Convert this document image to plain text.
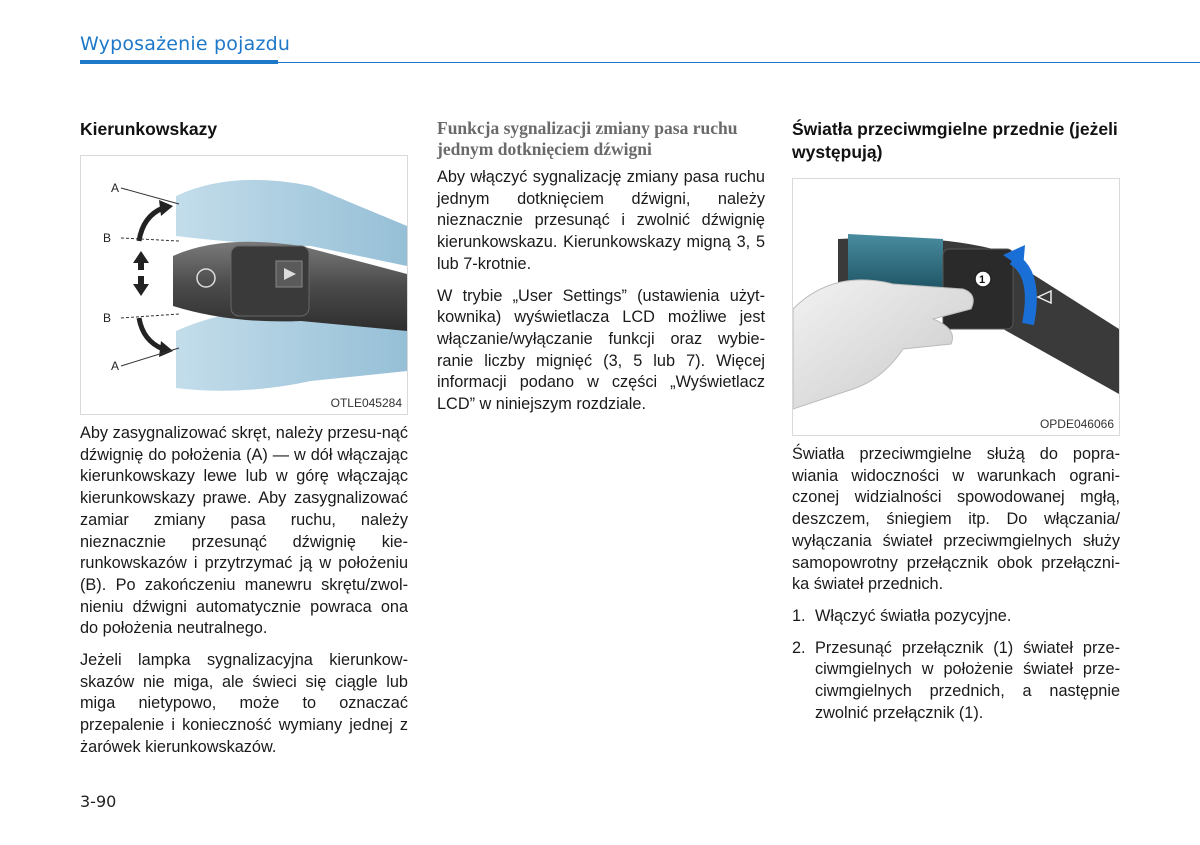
Wyposażenie pojazdu
Kierunkowskazy
A
B
B
A
OTLE045284

Aby zasygnalizować skręt, należy przesu-nąć dźwignię do położenia (A) — w dół włączając kierunkowskazy lewe lub w górę włączając kierunkowskazy prawe. Aby zasygnalizować zamiar zmiany pasa ruchu, należy nieznacznie przesunąć dźwignię kie-runkowskazów i przytrzymać ją w położeniu (B). Po zakończeniu manewru skrętu/zwol-nieniu dźwigni automatycznie powraca ona do położenia neutralnego.

Jeżeli lampka sygnalizacyjna kierunkow-skazów nie miga, ale świeci się ciągle lub miga nietypowo, może to oznaczać przepalenie i konieczność wymiany jednej z żarówek kierunkowskazów.

Funkcja sygnalizacji zmiany pasa ruchu jednym dotknięciem dźwigni

Aby włączyć sygnalizację zmiany pasa ruchu jednym dotknięciem dźwigni, należy nieznacznie przesunąć i zwolnić dźwignię kierunkowskazu. Kierunkowskazy migną 3, 5 lub 7-krotnie.

W trybie „User Settings” (ustawienia użyt-kownika) wyświetlacza LCD możliwe jest włączanie/wyłączanie funkcji oraz wybie-ranie liczby mignięć (3, 5 lub 7). Więcej informacji podano w części „Wyświetlacz LCD” w niniejszym rozdziale.

Światła przeciwmgielne przednie (jeżeli występują)
1
AUTO
OPDE046066

Światła przeciwmgielne służą do popra-wiania widoczności w warunkach ograni-czonej widzialności spowodowanej mgłą, deszczem, śniegiem itp. Do włączania/ wyłączania świateł przeciwmgielnych służy samopowrotny przełącznik obok przełączni-ka świateł przednich.

1. Włączyć światła pozycyjne.
2. Przesunąć przełącznik (1) świateł prze-ciwmgielnych w położenie świateł prze-ciwmgielnych przednich, a następnie zwolnić przełącznik (1).
3-90
